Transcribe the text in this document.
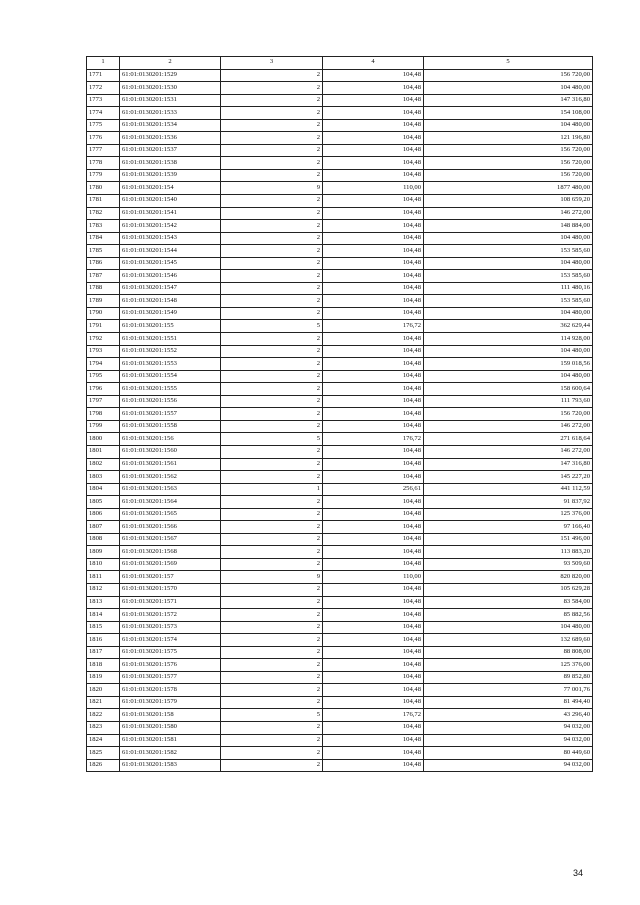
1	2	3	4	5
1771	61:01:0130201:1529	2	104,48	156 720,00
1772	61:01:0130201:1530	2	104,48	104 480,00
1773	61:01:0130201:1531	2	104,48	147 316,80
1774	61:01:0130201:1533	2	104,48	154 108,00
1775	61:01:0130201:1534	2	104,48	104 480,00
1776	61:01:0130201:1536	2	104,48	121 196,80
1777	61:01:0130201:1537	2	104,48	156 720,00
1778	61:01:0130201:1538	2	104,48	156 720,00
1779	61:01:0130201:1539	2	104,48	156 720,00
1780	61:01:0130201:154	9	110,00	1877 480,00
1781	61:01:0130201:1540	2	104,48	108 659,20
1782	61:01:0130201:1541	2	104,48	146 272,00
1783	61:01:0130201:1542	2	104,48	148 884,00
1784	61:01:0130201:1543	2	104,48	104 480,00
1785	61:01:0130201:1544	2	104,48	153 585,60
1786	61:01:0130201:1545	2	104,48	104 480,00
1787	61:01:0130201:1546	2	104,48	153 585,60
1788	61:01:0130201:1547	2	104,48	111 480,16
1789	61:01:0130201:1548	2	104,48	153 585,60
1790	61:01:0130201:1549	2	104,48	104 480,00
1791	61:01:0130201:155	5	176,72	362 629,44
1792	61:01:0130201:1551	2	104,48	114 928,00
1793	61:01:0130201:1552	2	104,48	104 480,00
1794	61:01:0130201:1553	2	104,48	159 018,56
1795	61:01:0130201:1554	2	104,48	104 480,00
1796	61:01:0130201:1555	2	104,48	158 600,64
1797	61:01:0130201:1556	2	104,48	111 793,60
1798	61:01:0130201:1557	2	104,48	156 720,00
1799	61:01:0130201:1558	2	104,48	146 272,00
1800	61:01:0130201:156	5	176,72	271 618,64
1801	61:01:0130201:1560	2	104,48	146 272,00
1802	61:01:0130201:1561	2	104,48	147 316,80
1803	61:01:0130201:1562	2	104,48	145 227,20
1804	61:01:0130201:1563	1	256,61	441 112,59
1805	61:01:0130201:1564	2	104,48	91 837,92
1806	61:01:0130201:1565	2	104,48	125 376,00
1807	61:01:0130201:1566	2	104,48	97 166,40
1808	61:01:0130201:1567	2	104,48	151 496,00
1809	61:01:0130201:1568	2	104,48	113 883,20
1810	61:01:0130201:1569	2	104,48	93 509,60
1811	61:01:0130201:157	9	110,00	820 820,00
1812	61:01:0130201:1570	2	104,48	105 629,28
1813	61:01:0130201:1571	2	104,48	83 584,00
1814	61:01:0130201:1572	2	104,48	85 882,56
1815	61:01:0130201:1573	2	104,48	104 480,00
1816	61:01:0130201:1574	2	104,48	132 689,60
1817	61:01:0130201:1575	2	104,48	88 808,00
1818	61:01:0130201:1576	2	104,48	125 376,00
1819	61:01:0130201:1577	2	104,48	89 852,80
1820	61:01:0130201:1578	2	104,48	77 001,76
1821	61:01:0130201:1579	2	104,48	81 494,40
1822	61:01:0130201:158	5	176,72	43 296,40
1823	61:01:0130201:1580	2	104,48	94 032,00
1824	61:01:0130201:1581	2	104,48	94 032,00
1825	61:01:0130201:1582	2	104,48	80 449,60
1826	61:01:0130201:1583	2	104,48	94 032,00
34
